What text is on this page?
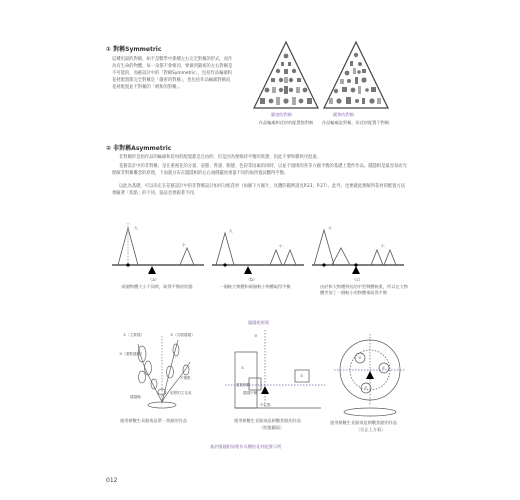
① 對稱Symmetric
這種用說的對稱，如不是數學中那種左右完全對稱的形式，而作為有生命的物體，每一朵都不會相同，要做到嚴密的左右對稱是不可能的，而藝設計中的「對稱Symmetric」，包括作品輪廓和花材配置都完全對稱是「嚴密的對稱」，也包括作品輪廓對稱而花材配置並不對稱的「緩和的對稱」。
嚴密的對稱
作品輪廓和花材的配置都對稱
緩和的對稱
作品輪廓是對稱，但花材配置不對稱
② 非對稱Asymmetric
非對稱形是指作品的輪廓和花材的配置都是自由的，但是因為要維持平衡的狀態，因此不要和雜秩序混淆。
花藝設計中的非對稱，是在重視花的分量、姿態、質感、動態、色彩等因素的同時，以並不規則的各等方圖平衡的基礎上製作作品。隱隱相是最容易而光理解非對稱概念的原理，下面就分布在隱隱相的左右兩側擺放重量不同的兩西置試觀得平衡。
以此為基礎，可以決定在花藝設計中的非對稱設計如何分配花材（如圖下方圖片，具體的範例請見P.23、P.27）。此外，也要藉此理解到花材的配置方法會隨著「焦點」的不同，協法也會跟著不同。
大
小
大
小
大
小
（a）	（b）	（c）
兩個物體大小不同時，取得平衡的狀態	一個較大物體和兩個較小物體取得平衡	由於和大物體到抗的中型物體較重，所以在大物體旁加了一個較小的物體來取得平衡
隱隱相原理
①（主要隱）	②（初看隱隱）
③（重點隱隱）
平衡點
隱隱軸
預想的主花束
運用槓數生長點或是單一焦點的作品
③
重點焦點
隱隱中軸
中心點
①
②
運用槓數生長點或是槓數焦點的作品
〈狀態圖面〉
③
①
②
運用槓數生長點或是槓數焦點的作品
〈位正上方看〉
基於隱隱相原理作具體的花材配置示例
012
